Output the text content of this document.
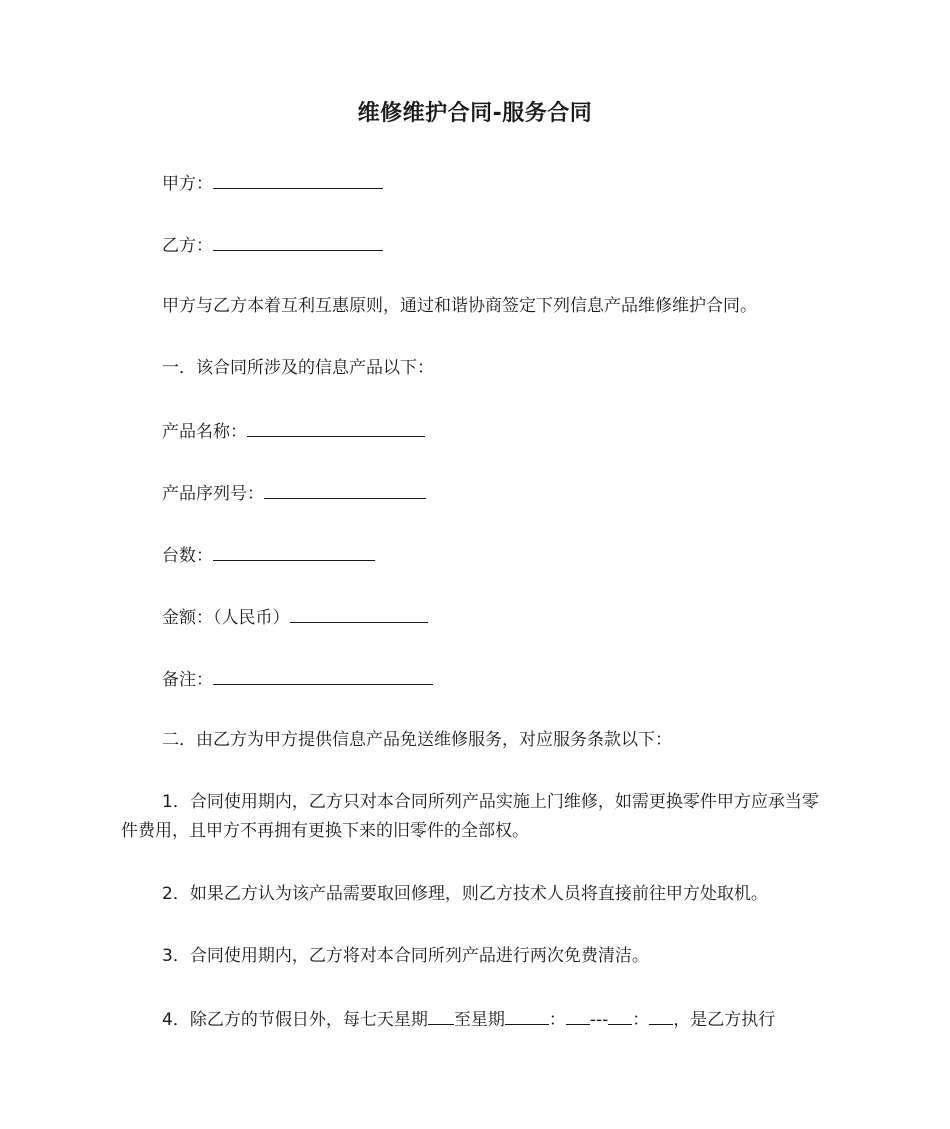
维修维护合同-服务合同

甲方：

乙方：

甲方与乙方本着互利互惠原则，通过和谐协商签定下列信息产品维修维护合同。

一．该合同所涉及的信息产品以下：

产品名称：

产品序列号：

台数：

金额：（人民币）

备注：

二．由乙方为甲方提供信息产品免送维修服务，对应服务条款以下：

1．合同使用期内，乙方只对本合同所列产品实施上门维修，如需更换零件甲方应承当零件费用，且甲方不再拥有更换下来的旧零件的全部权。

2．如果乙方认为该产品需要取回修理，则乙方技术人员将直接前往甲方处取机。

3．合同使用期内，乙方将对本合同所列产品进行两次免费清洁。

4．除乙方的节假日外，每七天星期 至星期	： --- ： ，是乙方执行
